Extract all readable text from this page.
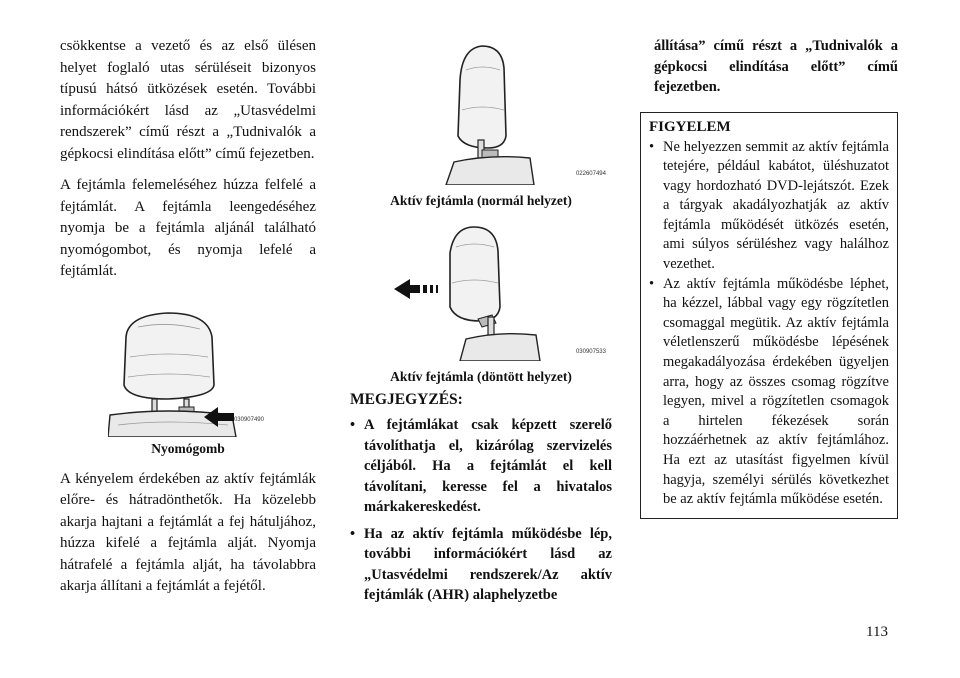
csökkentse a vezető és az első ülésen helyet foglaló utas sérüléseit bizonyos típusú hátsó ütközések esetén. További információkért lásd az „Utasvédelmi rendszerek” című részt a „Tudnivalók a gépkocsi elindítása előtt” című fejezetben.

A fejtámla felemeléséhez húzza felfelé a fejtámlát. A fejtámla leengedéséhez nyomja be a fejtámla aljánál található nyomógombot, és nyomja lefelé a fejtámlát.

030907490
Nyomógomb

A kényelem érdekében az aktív fejtámlák előre- és hátradönthetők. Ha közelebb akarja hajtani a fejtámlát a fej hátuljához, húzza kifelé a fejtámla alját. Nyomja hátrafelé a fejtámla alját, ha távolabbra akarja állítani a fejtámlát a fejétől.

022607494
Aktív fejtámla (normál helyzet)
030907533
Aktív fejtámla (döntött helyzet)
MEGJEGYZÉS:
• A fejtámlákat csak képzett szerelő távolíthatja el, kizárólag szervizelés céljából. Ha a fejtámlát el kell távolítani, keresse fel a hivatalos márkakereskedést.
• Ha az aktív fejtámla működésbe lép, további információkért lásd az „Utasvédelmi rendszerek/Az aktív fejtámlák (AHR) alaphelyzetbe
állítása” című részt a „Tudnivalók a gépkocsi elindítása előtt” című fejezetben.
FIGYELEM
• Ne helyezzen semmit az aktív fejtámla tetejére, például kabátot, üléshuzatot vagy hordozható DVD-lejátszót. Ezek a tárgyak akadályozhatják az aktív fejtámla működését ütközés esetén, ami súlyos sérüléshez vagy halálhoz vezethet.
• Az aktív fejtámla működésbe léphet, ha kézzel, lábbal vagy egy rögzítetlen csomaggal megütik. Az aktív fejtámla véletlenszerű működésbe lépésének megakadályozása érdekében ügyeljen arra, hogy az összes csomag rögzítve legyen, mivel a rögzítetlen csomagok a hirtelen fékezések során hozzáérhetnek az aktív fejtámlához. Ha ezt az utasítást figyelmen kívül hagyja, személyi sérülés következhet be az aktív fejtámla működése esetén.
113
